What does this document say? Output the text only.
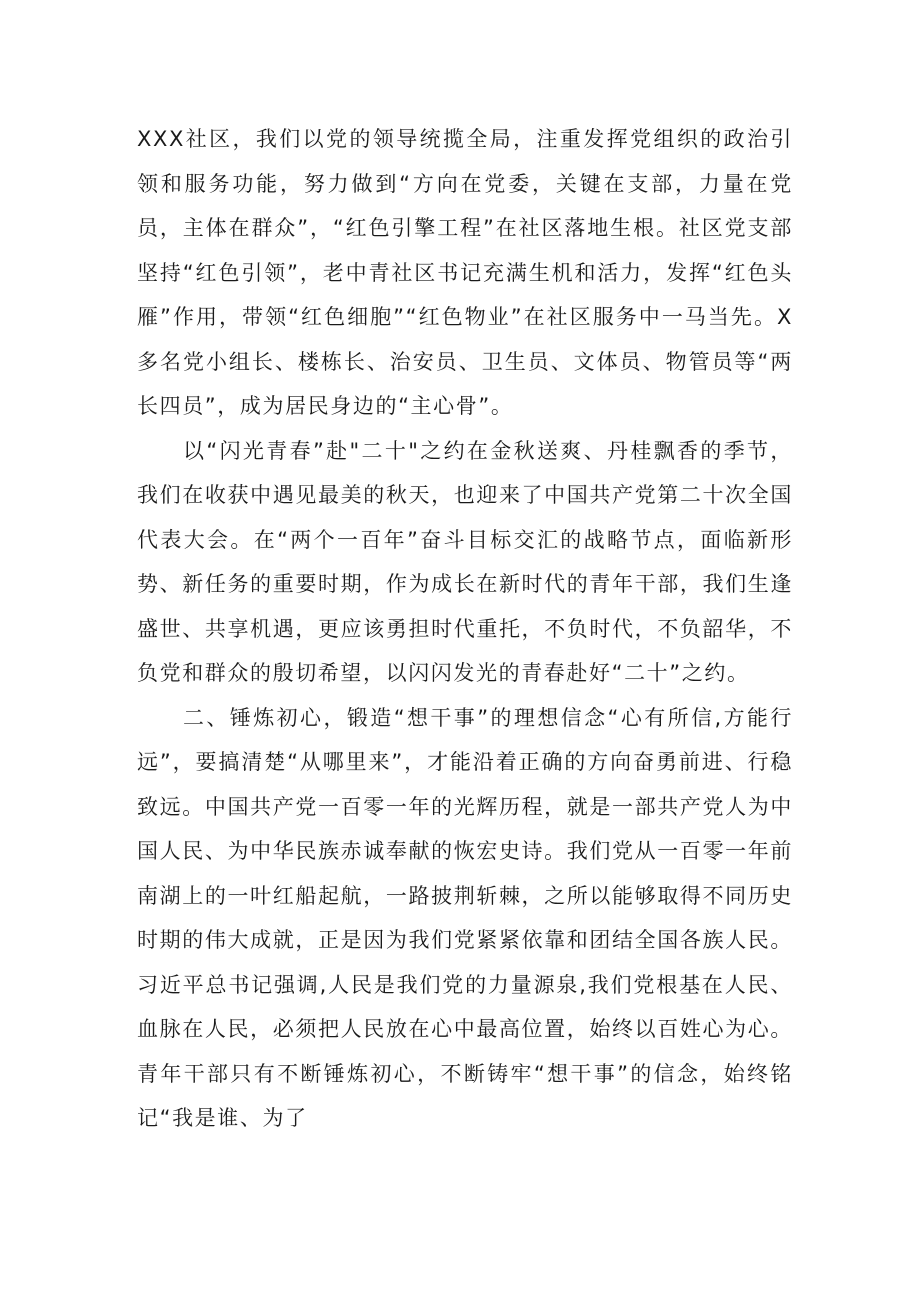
XXX社区，我们以党的领导统揽全局，注重发挥党组织的政治引领和服务功能，努力做到“方向在党委，关键在支部，力量在党员，主体在群众”，“红色引擎工程”在社区落地生根。社区党支部坚持“红色引领”，老中青社区书记充满生机和活力，发挥“红色头雁”作用，带领“红色细胞”“红色物业”在社区服务中一马当先。X多名党小组长、楼栋长、治安员、卫生员、文体员、物管员等“两长四员”，成为居民身边的“主心骨”。

以“闪光青春”赴"二十"之约在金秋送爽、丹桂飘香的季节，我们在收获中遇见最美的秋天，也迎来了中国共产党第二十次全国代表大会。在“两个一百年”奋斗目标交汇的战略节点，面临新形势、新任务的重要时期，作为成长在新时代的青年干部，我们生逢盛世、共享机遇，更应该勇担时代重托，不负时代，不负韶华，不负党和群众的殷切希望，以闪闪发光的青春赴好“二十”之约。

二、锤炼初心，锻造“想干事”的理想信念“心有所信,方能行远”，要搞清楚“从哪里来”，才能沿着正确的方向奋勇前进、行稳致远。中国共产党一百零一年的光辉历程，就是一部共产党人为中国人民、为中华民族赤诚奉献的恢宏史诗。我们党从一百零一年前南湖上的一叶红船起航，一路披荆斩棘，之所以能够取得不同历史时期的伟大成就，正是因为我们党紧紧依靠和团结全国各族人民。习近平总书记强调,人民是我们党的力量源泉,我们党根基在人民、血脉在人民，必须把人民放在心中最高位置，始终以百姓心为心。青年干部只有不断锤炼初心，不断铸牢“想干事”的信念，始终铭记“我是谁、为了
